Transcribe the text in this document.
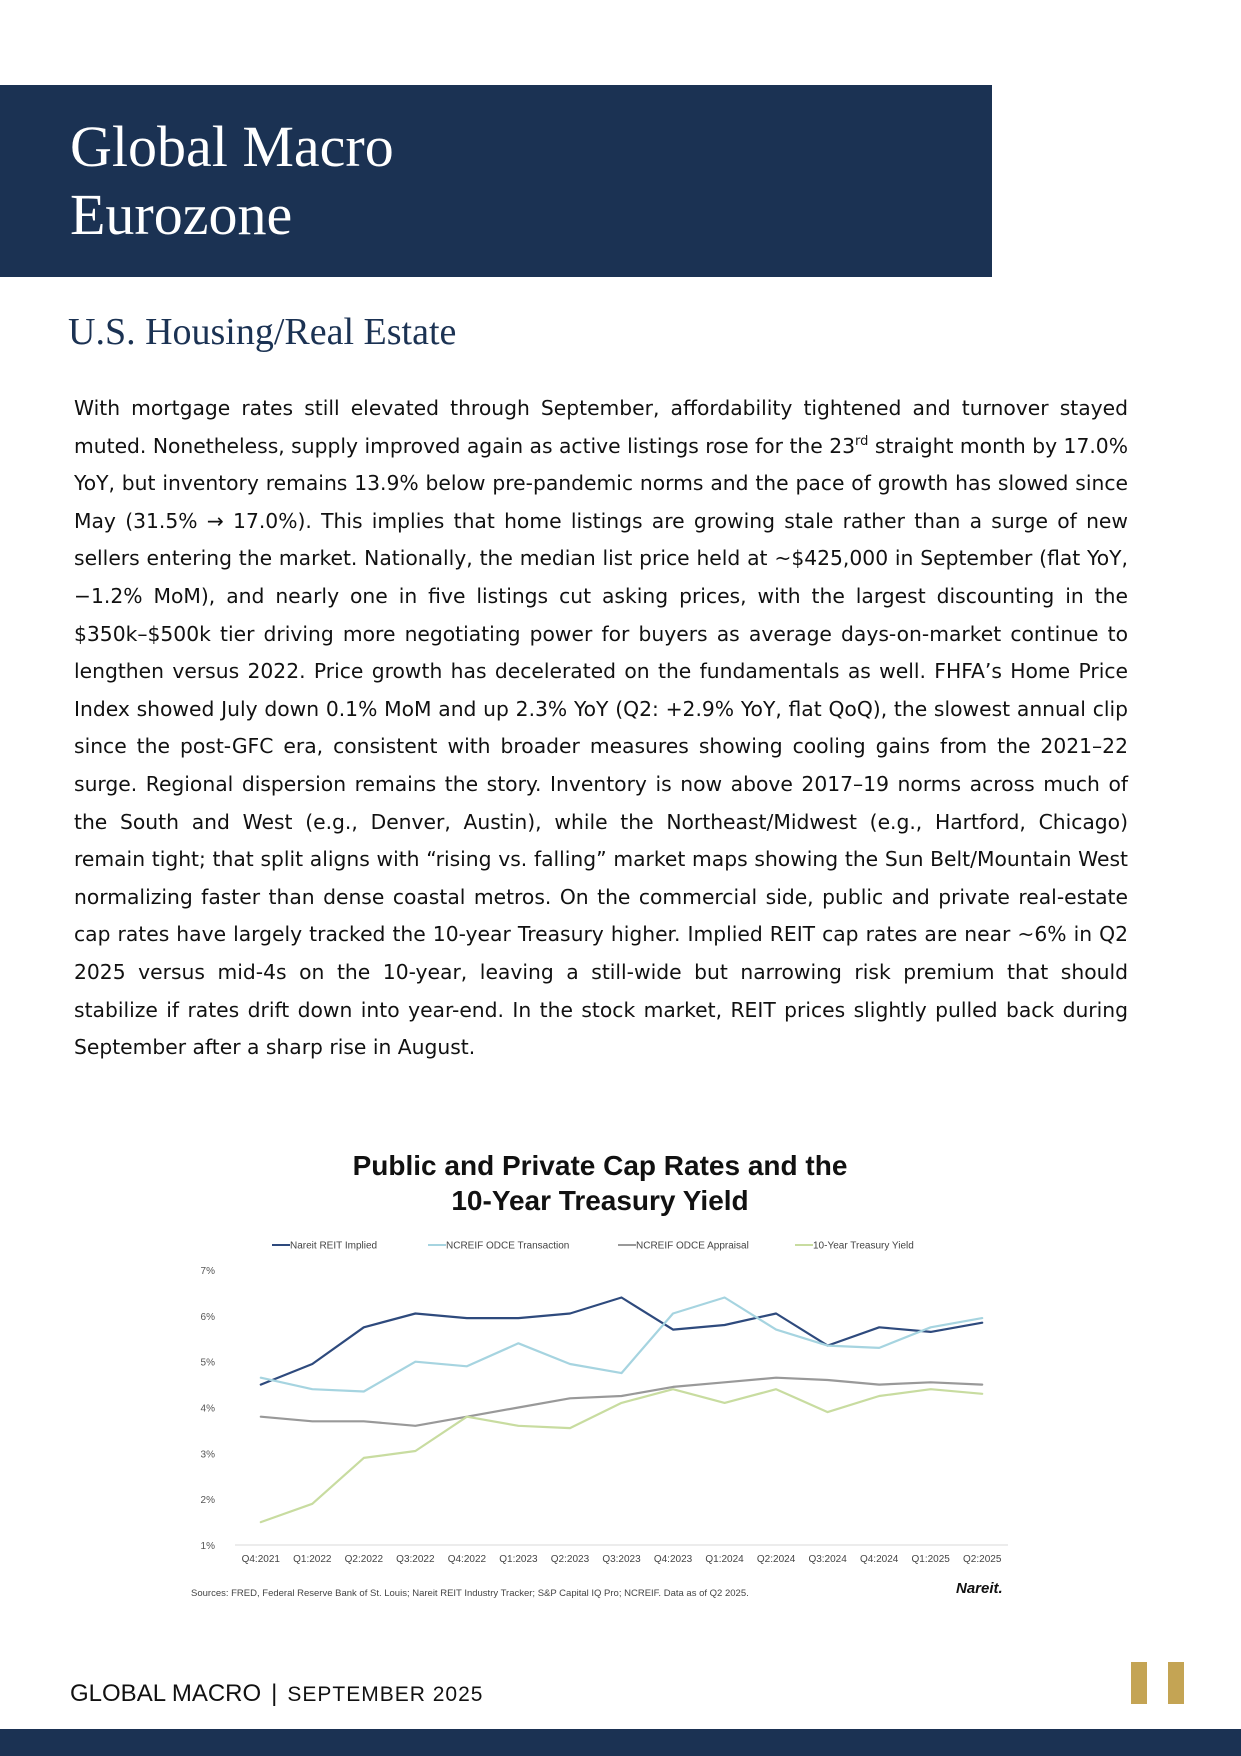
Global Macro
Eurozone
U.S. Housing/Real Estate
With mortgage rates still elevated through September, affordability tightened and turnover stayed muted. Nonetheless, supply improved again as active listings rose for the 23rd straight month by 17.0% YoY, but inventory remains 13.9% below pre-pandemic norms and the pace of growth has slowed since May (31.5% → 17.0%). This implies that home listings are growing stale rather than a surge of new sellers entering the market. Nationally, the median list price held at ~$425,000 in September (flat YoY, −1.2% MoM), and nearly one in five listings cut asking prices, with the largest discounting in the $350k–$500k tier driving more negotiating power for buyers as average days-on-market continue to lengthen versus 2022. Price growth has decelerated on the fundamentals as well. FHFA’s Home Price Index showed July down 0.1% MoM and up 2.3% YoY (Q2: +2.9% YoY, flat QoQ), the slowest annual clip since the post-GFC era, consistent with broader measures showing cooling gains from the 2021–22 surge. Regional dispersion remains the story. Inventory is now above 2017–19 norms across much of the South and West (e.g., Denver, Austin), while the Northeast/Midwest (e.g., Hartford, Chicago) remain tight; that split aligns with “rising vs. falling” market maps showing the Sun Belt/Mountain West normalizing faster than dense coastal metros. On the commercial side, public and private real-estate cap rates have largely tracked the 10-year Treasury higher. Implied REIT cap rates are near ~6% in Q2 2025 versus mid-4s on the 10-year, leaving a still-wide but narrowing risk premium that should stabilize if rates drift down into year-end. In the stock market, REIT prices slightly pulled back during September after a sharp rise in August.
Public and Private Cap Rates and the
10-Year Treasury Yield
1%
2%
3%
4%
5%
6%
7%
Q4:2021 Q1:2022 Q2:2022 Q3:2022 Q4:2022 Q1:2023 Q2:2023 Q3:2023 Q4:2023 Q1:2024 Q2:2024 Q3:2024 Q4:2024 Q1:2025 Q2:2025
Nareit REIT Implied	NCREIF ODCE Transaction	NCREIF ODCE Appraisal	10-Year Treasury Yield
Sources: FRED, Federal Reserve Bank of St. Louis; Nareit REIT Industry Tracker; S&P Capital IQ Pro; NCREIF. Data as of Q2 2025.	Nareit.
GLOBAL MACRO | SEPTEMBER 2025
